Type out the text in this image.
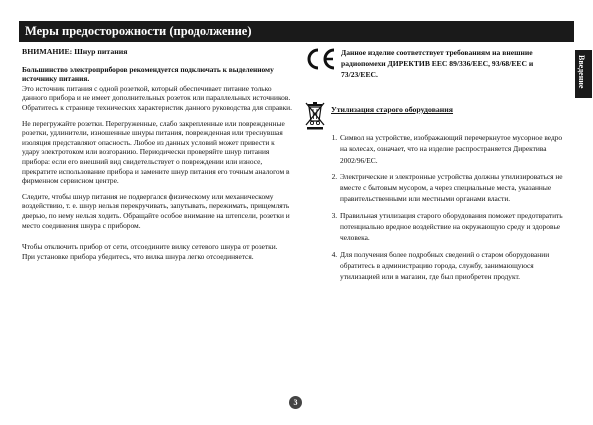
Меры предосторожности (продолжение)
Введение

ВНИМАНИЕ: Шнур питания

Большинство электроприборов рекомендуется подключать к выделенному источнику питания.
Это источник питания с одной розеткой, который обеспечивает питание только данного прибора и не имеет дополнительных розеток или параллельных источников. Обратитесь к странице технических характеристик данного руководства для справки.

Не перегружайте розетки. Перегруженные, слабо закрепленные или поврежденные розетки, удлинители, изношенные шнуры питания, поврежденная или треснувшая изоляция представляют опасность. Любое из данных условий может привести к удару электротоком или возгоранию. Периодически проверяйте шнур питания прибора: если его внешний вид свидетельствует о повреждении или износе, прекратите использование прибора и замените шнур питания его точным аналогом в фирменном сервисном центре.

Следите, чтобы шнур питания не подвергался физическому или механическому воздействию, т. е. шнур нельзя перекручивать, запутывать, пережимать, прищемлять дверью, по нему нельзя ходить. Обращайте особое внимание на штепсели, розетки и место соединения шнура с прибором.

Чтобы отключить прибор от сети, отсоедините вилку сетевого шнура от розетки. При установке прибора убедитесь, что вилка шнура легко отсоединяется.

Данное изделие соответствует требованиям на внешние радиопомехи ДИРЕКТИВ ЕЕС 89/336/EEC, 93/68/EEC и 73/23/EEC.
Утилизация старого оборудования
1. Символ на устройстве, изображающий перечеркнутое мусорное ведро на колесах, означает, что на изделие распространяется Директива 2002/96/EC.
2. Электрические и электронные устройства должны утилизироваться не вместе с бытовым мусором, а через специальные места, указанные правительственными или местными органами власти.
3. Правильная утилизация старого оборудования поможет предотвратить потенциально вредное воздействие на окружающую среду и здоровье человека.
4. Для получения более подробных сведений о старом оборудовании обратитесь в администрацию города, службу, занимающуюся утилизацией или в магазин, где был приобретен продукт.
3
